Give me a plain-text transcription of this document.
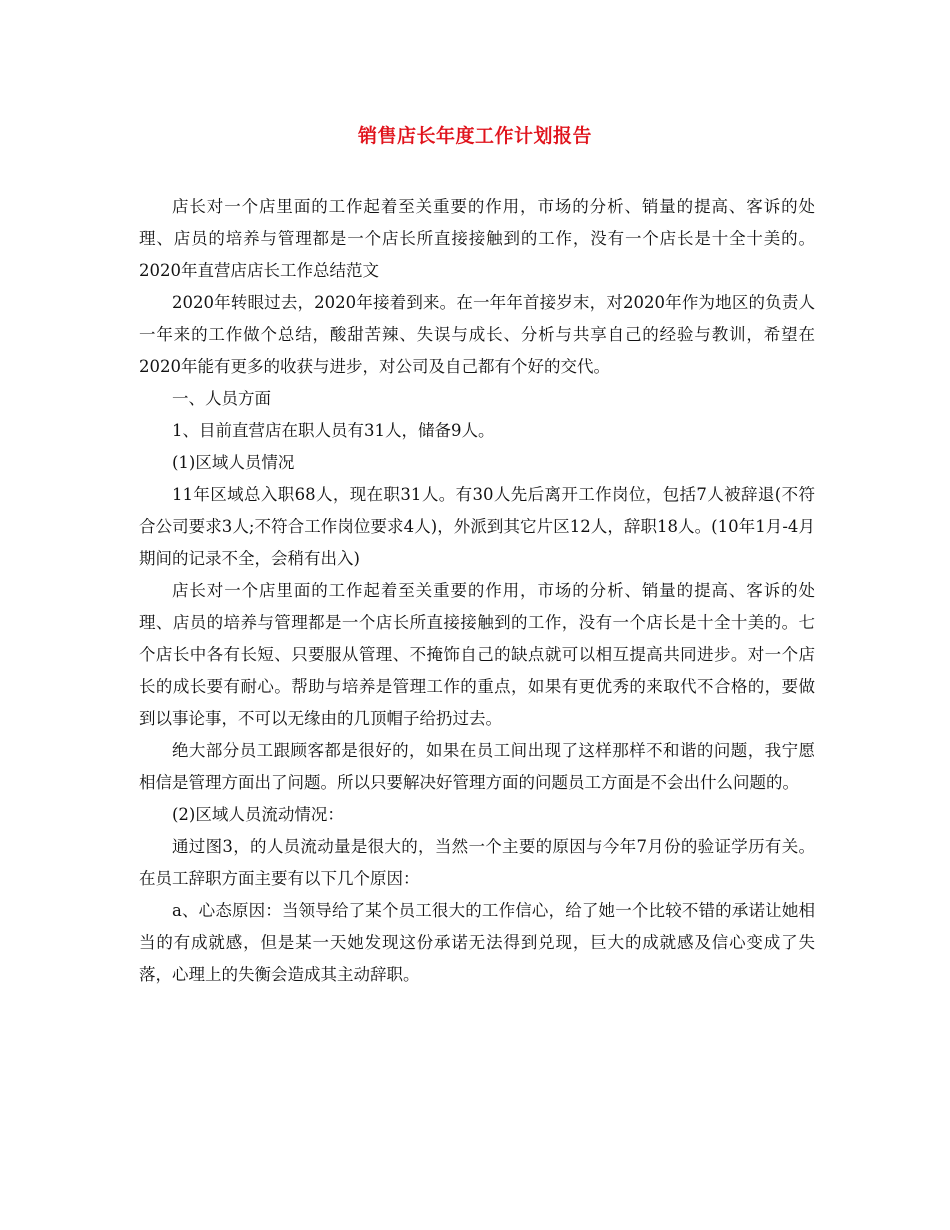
销售店长年度工作计划报告

店长对一个店里面的工作起着至关重要的作用，市场的分析、销量的提高、客诉的处理、店员的培养与管理都是一个店长所直接接触到的工作，没有一个店长是十全十美的。  2020年直营店店长工作总结范文

2020年转眼过去，2020年接着到来。在一年年首接岁末，对2020年作为地区的负责人一年来的工作做个总结，酸甜苦辣、失误与成长、分析与共享自己的经验与教训，希望在2020年能有更多的收获与进步，对公司及自己都有个好的交代。

一、人员方面

1、目前直营店在职人员有31人，储备9人。

(1)区域人员情况

11年区域总入职68人，现在职31人。有30人先后离开工作岗位，包括7人被辞退(不符合公司要求3人;不符合工作岗位要求4人)，外派到其它片区12人，辞职18人。(10年1月-4月期间的记录不全，会稍有出入)

店长对一个店里面的工作起着至关重要的作用，市场的分析、销量的提高、客诉的处理、店员的培养与管理都是一个店长所直接接触到的工作，没有一个店长是十全十美的。七个店长中各有长短、只要服从管理、不掩饰自己的缺点就可以相互提高共同进步。对一个店长的成长要有耐心。帮助与培养是管理工作的重点，如果有更优秀的来取代不合格的，要做到以事论事，不可以无缘由的几顶帽子给扔过去。

绝大部分员工跟顾客都是很好的，如果在员工间出现了这样那样不和谐的问题，我宁愿相信是管理方面出了问题。所以只要解决好管理方面的问题员工方面是不会出什么问题的。

(2)区域人员流动情况：

通过图3，的人员流动量是很大的，当然一个主要的原因与今年7月份的验证学历有关。  在员工辞职方面主要有以下几个原因：

a、心态原因：当领导给了某个员工很大的工作信心，给了她一个比较不错的承诺让她相当的有成就感，但是某一天她发现这份承诺无法得到兑现，巨大的成就感及信心变成了失落，心理上的失衡会造成其主动辞职。
